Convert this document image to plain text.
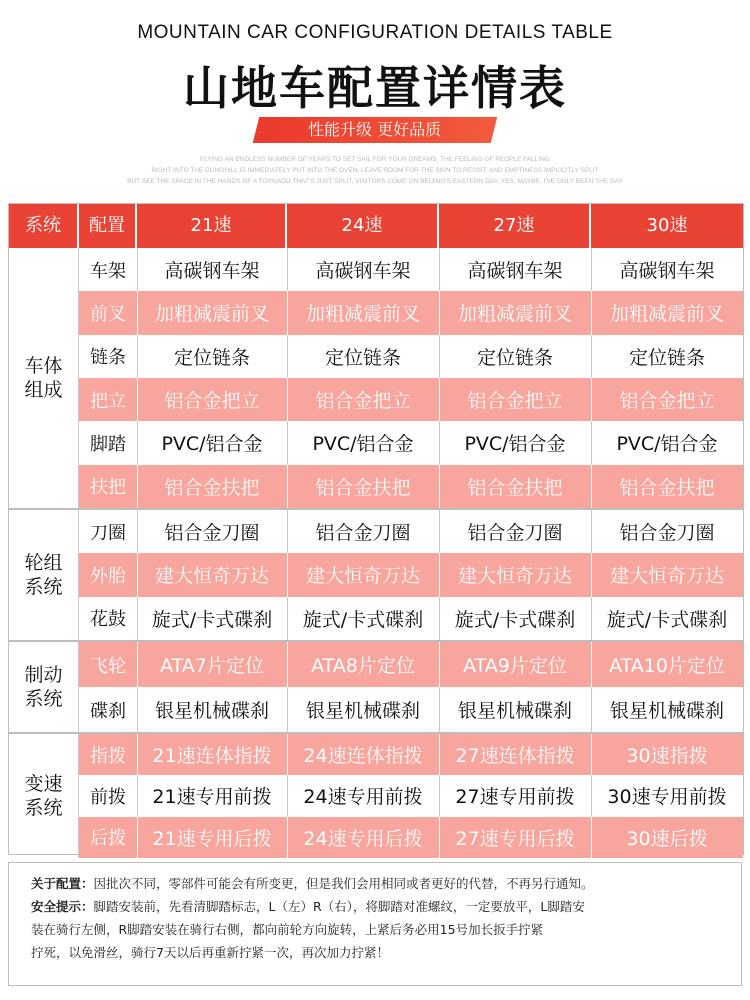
MOUNTAIN CAR CONFIGURATION DETAILS TABLE
山地车配置详情表
性能升级 更好品质
FLYING AN ENDLESS NUMBER OF YEARS TO SET SAIL FOR YOUR DREAMS, THE FEELING OF PEOPLE FALLING
RIGHT INTO THE DUNGHILL IS IMMEDIATELY PUT INTO THE OVEN, LEAVE ROOM FOR THE SKIN TO RESIST, AND EMPTINESS IMPLICITLY SPLIT
BUT SEE THE SPACE IN THE HANDS OF A TORNADO THAT'S JUST SPLIT, VISITORS COME ON BEIJING'S EASTERN DAY, YES, MAYBE, I'VE ONLY BEEN THE DAY
系统	配置	21速	24速	27速	30速
车体
组成
车架	高碳钢车架	高碳钢车架	高碳钢车架	高碳钢车架
前叉	加粗减震前叉	加粗减震前叉	加粗减震前叉	加粗减震前叉
链条	定位链条	定位链条	定位链条	定位链条
把立	铝合金把立	铝合金把立	铝合金把立	铝合金把立
脚踏	PVC/铝合金	PVC/铝合金	PVC/铝合金	PVC/铝合金
扶把	铝合金扶把	铝合金扶把	铝合金扶把	铝合金扶把
轮组
系统
刀圈	铝合金刀圈	铝合金刀圈	铝合金刀圈	铝合金刀圈
外胎	建大恒奇万达	建大恒奇万达	建大恒奇万达	建大恒奇万达
花鼓	旋式/卡式碟刹	旋式/卡式碟刹	旋式/卡式碟刹	旋式/卡式碟刹
制动
系统
飞轮	ATA7片定位	ATA8片定位	ATA9片定位	ATA10片定位
碟刹	银星机械碟刹	银星机械碟刹	银星机械碟刹	银星机械碟刹
变速
系统
指拨	21速连体指拨	24速连体指拨	27速连体指拨	30速指拨
前拨	21速专用前拨	24速专用前拨	27速专用前拨	30速专用前拨
后拨	21速专用后拨	24速专用后拨	27速专用后拨	30速后拨
关于配置：因批次不同，零部件可能会有所变更，但是我们会用相同或者更好的代替，不再另行通知。
安全提示：脚踏安装前，先看清脚踏标志，L（左）R（右），将脚踏对准螺纹，一定要放平，L脚踏安
装在骑行左侧，R脚踏安装在骑行右侧，都向前轮方向旋转，上紧后务必用15号加长扳手拧紧
拧死，以免滑丝，骑行7天以后再重新拧紧一次，再次加力拧紧！
